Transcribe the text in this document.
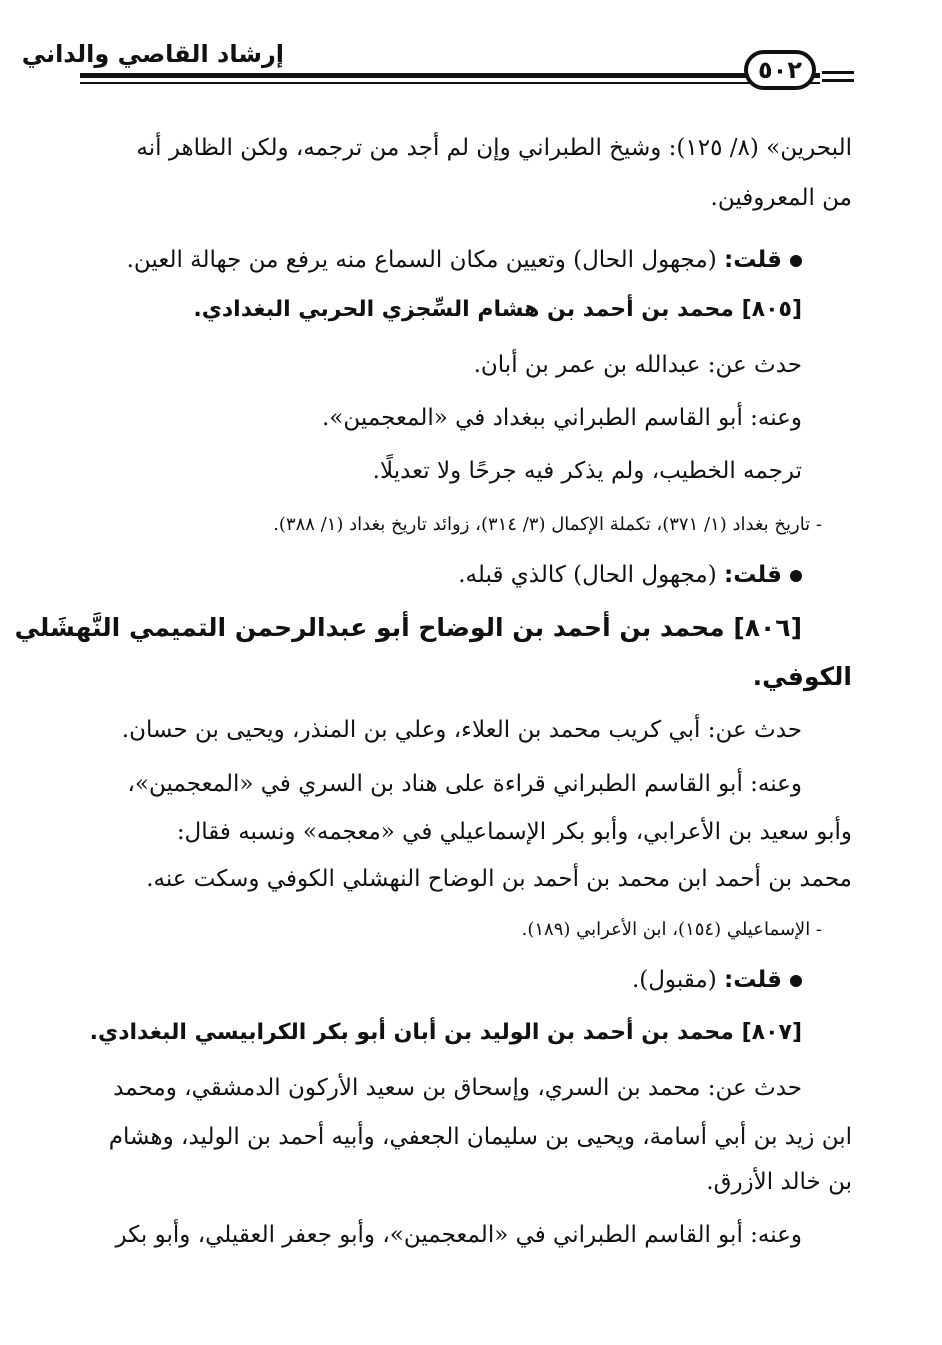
إرشاد القاصي والداني
٥٠٢
البحرين» (٨/ ١٢٥): وشيخ الطبراني وإن لم أجد من ترجمه، ولكن الظاهر أنه
من المعروفين.
قلت: (مجهول الحال) وتعيين مكان السماع منه يرفع من جهالة العين.
[٨٠٥] محمد بن أحمد بن هشام السِّجزي الحربي البغدادي.
حدث عن: عبدالله بن عمر بن أبان.
وعنه: أبو القاسم الطبراني ببغداد في «المعجمين».
ترجمه الخطيب، ولم يذكر فيه جرحًا ولا تعديلًا.
- تاريخ بغداد (١/ ٣٧١)، تكملة الإكمال (٣/ ٣١٤)، زوائد تاريخ بغداد (١/ ٣٨٨).
قلت: (مجهول الحال) كالذي قبله.
[٨٠٦] محمد بن أحمد بن الوضاح أبو عبدالرحمن التميمي النَّهشَلي
الكوفي.
حدث عن: أبي كريب محمد بن العلاء، وعلي بن المنذر، ويحيى بن حسان.
وعنه: أبو القاسم الطبراني قراءة على هناد بن السري في «المعجمين»،
وأبو سعيد بن الأعرابي، وأبو بكر الإسماعيلي في «معجمه» ونسبه فقال:
محمد بن أحمد ابن محمد بن أحمد بن الوضاح النهشلي الكوفي وسكت عنه.
- الإسماعيلي (١٥٤)، ابن الأعرابي (١٨٩).
قلت: (مقبول).
[٨٠٧] محمد بن أحمد بن الوليد بن أبان أبو بكر الكرابيسي البغدادي.
حدث عن: محمد بن السري، وإسحاق بن سعيد الأركون الدمشقي، ومحمد
ابن زيد بن أبي أسامة، ويحيى بن سليمان الجعفي، وأبيه أحمد بن الوليد، وهشام
بن خالد الأزرق.
وعنه: أبو القاسم الطبراني في «المعجمين»، وأبو جعفر العقيلي، وأبو بكر
